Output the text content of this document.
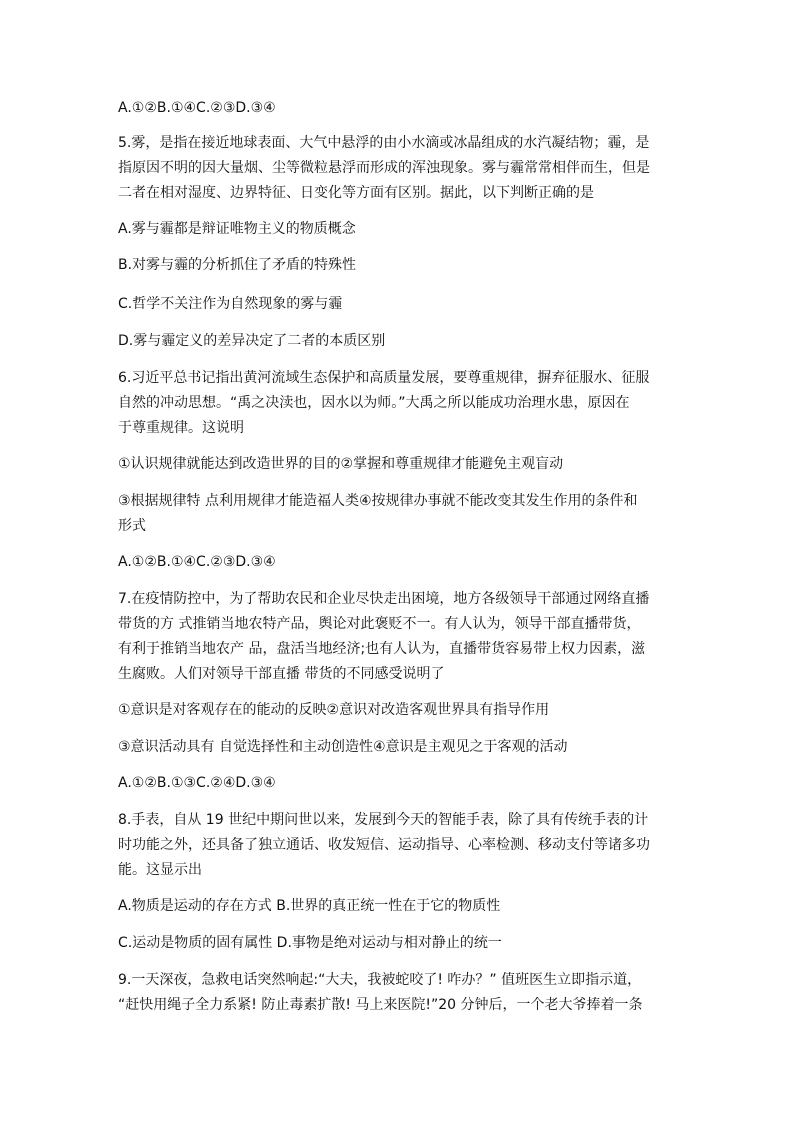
A.①②B.①④C.②③D.③④
5.雾，是指在接近地球表面、大气中悬浮的由小水滴或冰晶组成的水汽凝结物；霾，是
指原因不明的因大量烟、尘等微粒悬浮而形成的浑浊现象。雾与霾常常相伴而生，但是
二者在相对湿度、边界特征、日变化等方面有区别。据此，以下判断正确的是
A.雾与霾都是辩证唯物主义的物质概念
B.对雾与霾的分析抓住了矛盾的特殊性
C.哲学不关注作为自然现象的雾与霾
D.雾与霾定义的差异决定了二者的本质区别
6.习近平总书记指出黄河流域生态保护和高质量发展，要尊重规律，摒弃征服水、征服
自然的冲动思想。“禹之决渎也，因水以为师。”大禹之所以能成功治理水患，原因在
于尊重规律。这说明
①认识规律就能达到改造世界的目的②掌握和尊重规律才能避免主观盲动
③根据规律特 点利用规律才能造福人类④按规律办事就不能改变其发生作用的条件和
形式
A.①②B.①④C.②③D.③④
7.在疫情防控中，为了帮助农民和企业尽快走出困境，地方各级领导干部通过网络直播
带货的方 式推销当地农特产品，舆论对此褒贬不一。有人认为，领导干部直播带货，
有利于推销当地农产 品，盘活当地经济;也有人认为，直播带货容易带上权力因素，滋
生腐败。人们对领导干部直播 带货的不同感受说明了
①意识是对客观存在的能动的反映②意识对改造客观世界具有指导作用
③意识活动具有 自觉选择性和主动创造性④意识是主观见之于客观的活动
A.①②B.①③C.②④D.③④
8.手表，自从 19 世纪中期问世以来，发展到今天的智能手表，除了具有传统手表的计
时功能之外，还具备了独立通话、收发短信、运动指导、心率检测、移动支付等诸多功
能。这显示出
A.物质是运动的存在方式 B.世界的真正统一性在于它的物质性
C.运动是物质的固有属性 D.事物是绝对运动与相对静止的统一
9.一天深夜，急救电话突然响起:“大夫，我被蛇咬了! 咋办？” 值班医生立即指示道，
“赶快用绳子全力系紧! 防止毒素扩散! 马上来医院!”20 分钟后，一个老大爷捧着一条
